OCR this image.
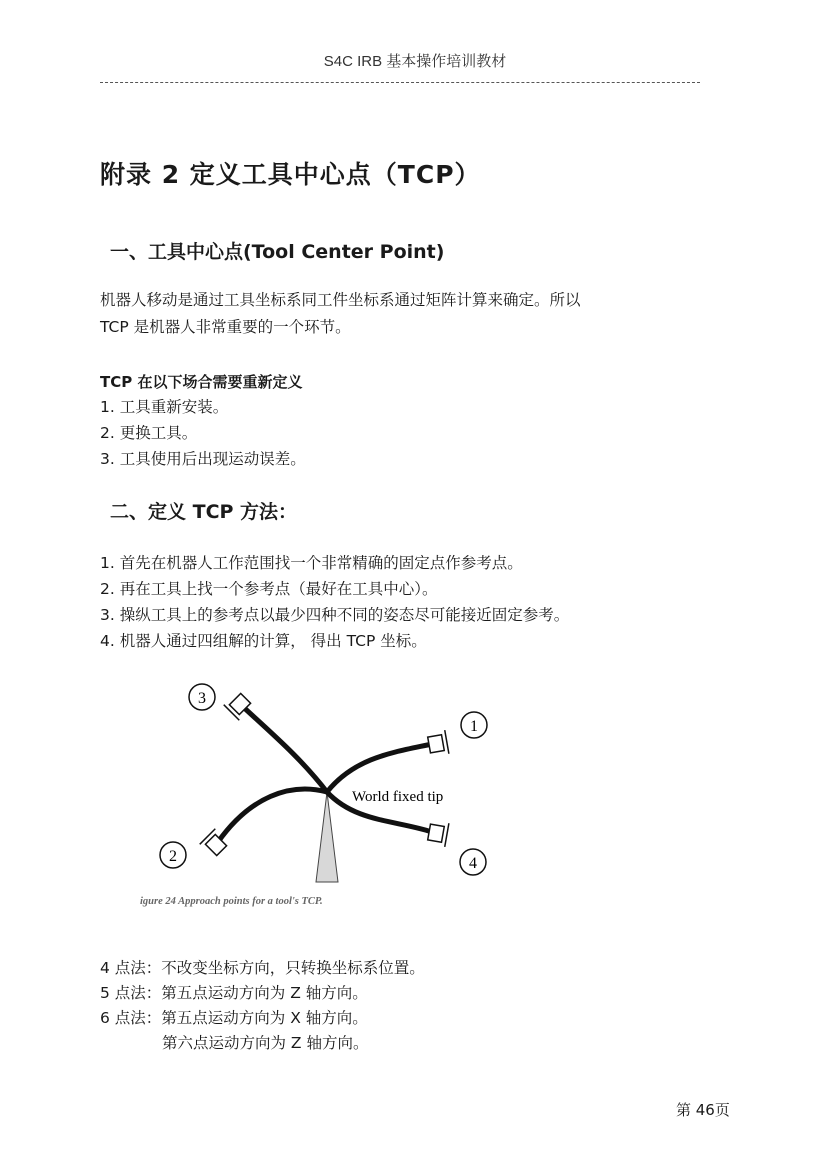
S4C IRB 基本操作培训教材
附录 2 定义工具中心点（TCP）
一、工具中心点(Tool Center Point)
机器人移动是通过工具坐标系同工件坐标系通过矩阵计算来确定。所以
TCP 是机器人非常重要的一个环节。
TCP 在以下场合需要重新定义
1. 工具重新安装。
2. 更换工具。
3. 工具使用后出现运动误差。
二、定义 TCP 方法：
1. 首先在机器人工作范围找一个非常精确的固定点作参考点。
2. 再在工具上找一个参考点（最好在工具中心）。
3. 操纵工具上的参考点以最少四种不同的姿态尽可能接近固定参考。
4. 机器人通过四组解的计算， 得出 TCP 坐标。
3
1
2	4
World fixed tip
igure 24 Approach points for a tool's TCP.
4 点法：不改变坐标方向，只转换坐标系位置。
5 点法：第五点运动方向为 Z 轴方向。
6 点法：第五点运动方向为 X 轴方向。
　　　　第六点运动方向为 Z 轴方向。
第 46页
